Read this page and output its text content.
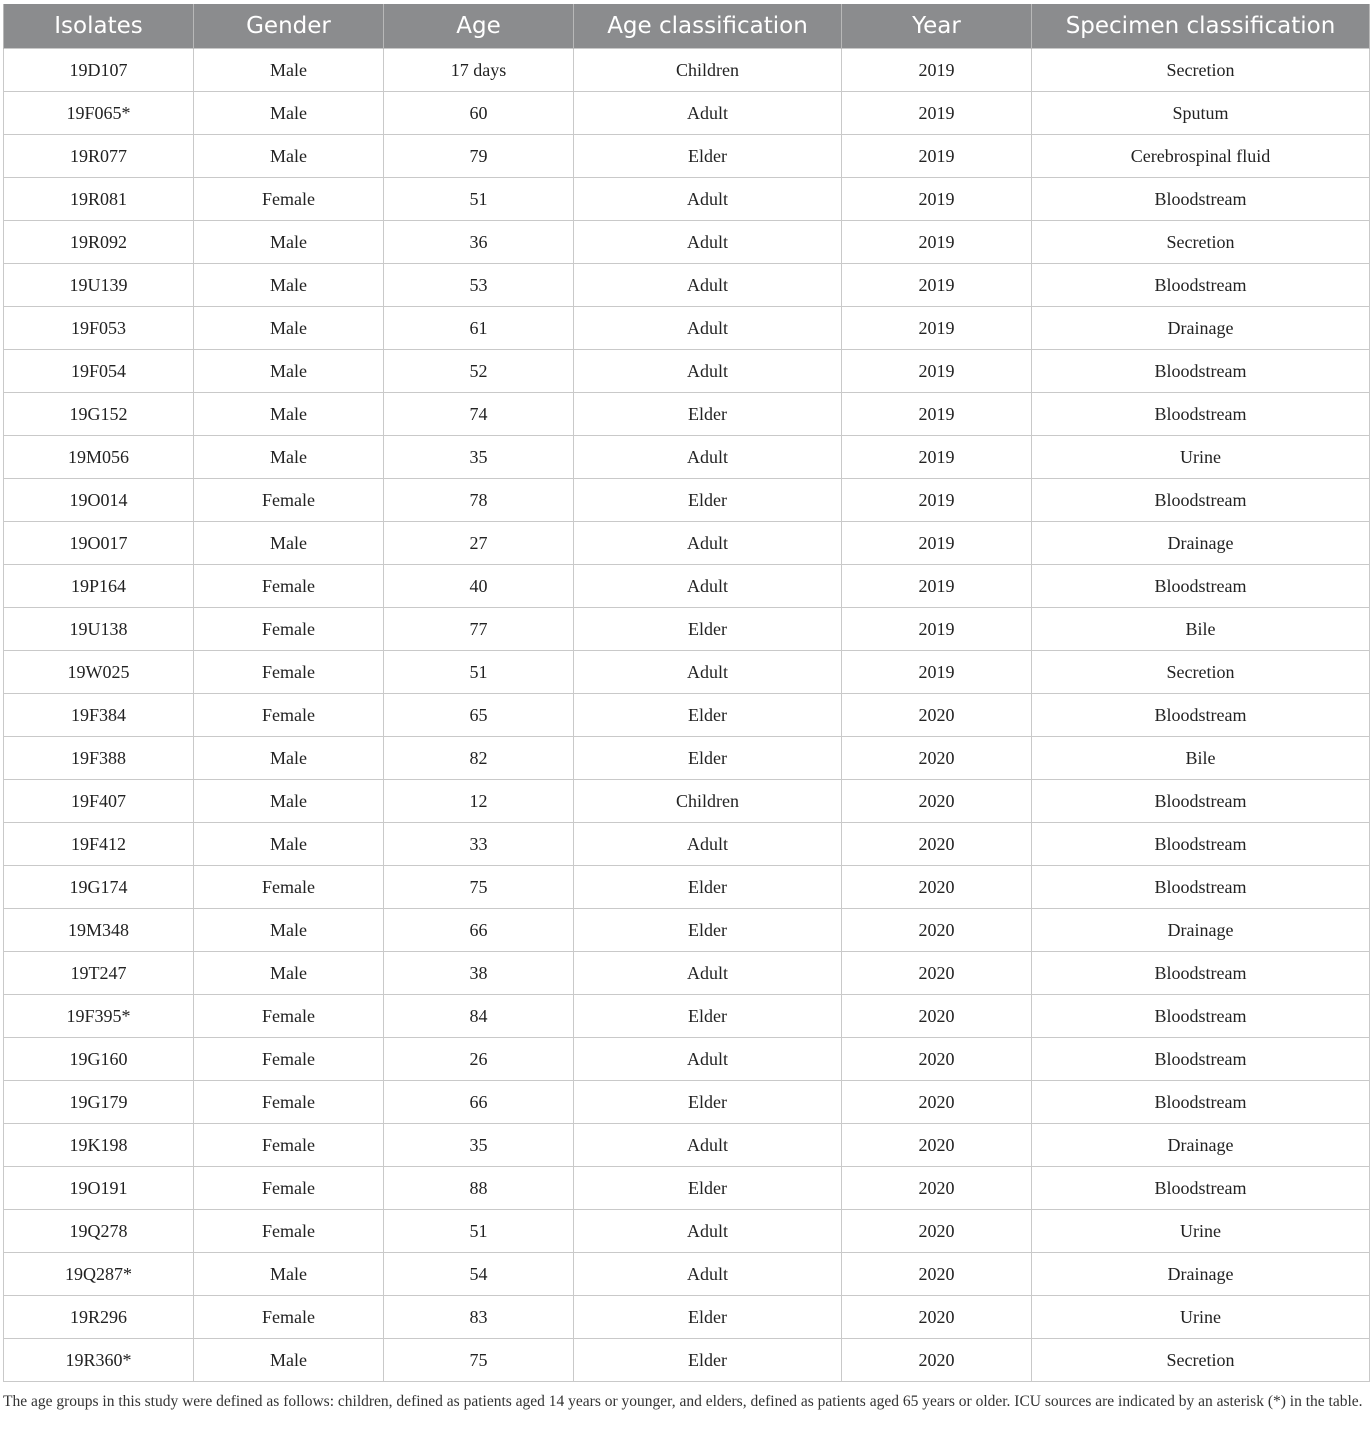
Isolates	Gender	Age	Age classification	Year	Specimen classification
19D107	Male	17 days	Children	2019	Secretion
19F065*	Male	60	Adult	2019	Sputum
19R077	Male	79	Elder	2019	Cerebrospinal fluid
19R081	Female	51	Adult	2019	Bloodstream
19R092	Male	36	Adult	2019	Secretion
19U139	Male	53	Adult	2019	Bloodstream
19F053	Male	61	Adult	2019	Drainage
19F054	Male	52	Adult	2019	Bloodstream
19G152	Male	74	Elder	2019	Bloodstream
19M056	Male	35	Adult	2019	Urine
19O014	Female	78	Elder	2019	Bloodstream
19O017	Male	27	Adult	2019	Drainage
19P164	Female	40	Adult	2019	Bloodstream
19U138	Female	77	Elder	2019	Bile
19W025	Female	51	Adult	2019	Secretion
19F384	Female	65	Elder	2020	Bloodstream
19F388	Male	82	Elder	2020	Bile
19F407	Male	12	Children	2020	Bloodstream
19F412	Male	33	Adult	2020	Bloodstream
19G174	Female	75	Elder	2020	Bloodstream
19M348	Male	66	Elder	2020	Drainage
19T247	Male	38	Adult	2020	Bloodstream
19F395*	Female	84	Elder	2020	Bloodstream
19G160	Female	26	Adult	2020	Bloodstream
19G179	Female	66	Elder	2020	Bloodstream
19K198	Female	35	Adult	2020	Drainage
19O191	Female	88	Elder	2020	Bloodstream
19Q278	Female	51	Adult	2020	Urine
19Q287*	Male	54	Adult	2020	Drainage
19R296	Female	83	Elder	2020	Urine
19R360*	Male	75	Elder	2020	Secretion
The age groups in this study were defined as follows: children, defined as patients aged 14 years or younger, and elders, defined as patients aged 65 years or older. ICU sources are indicated by an asterisk (*) in the table.
